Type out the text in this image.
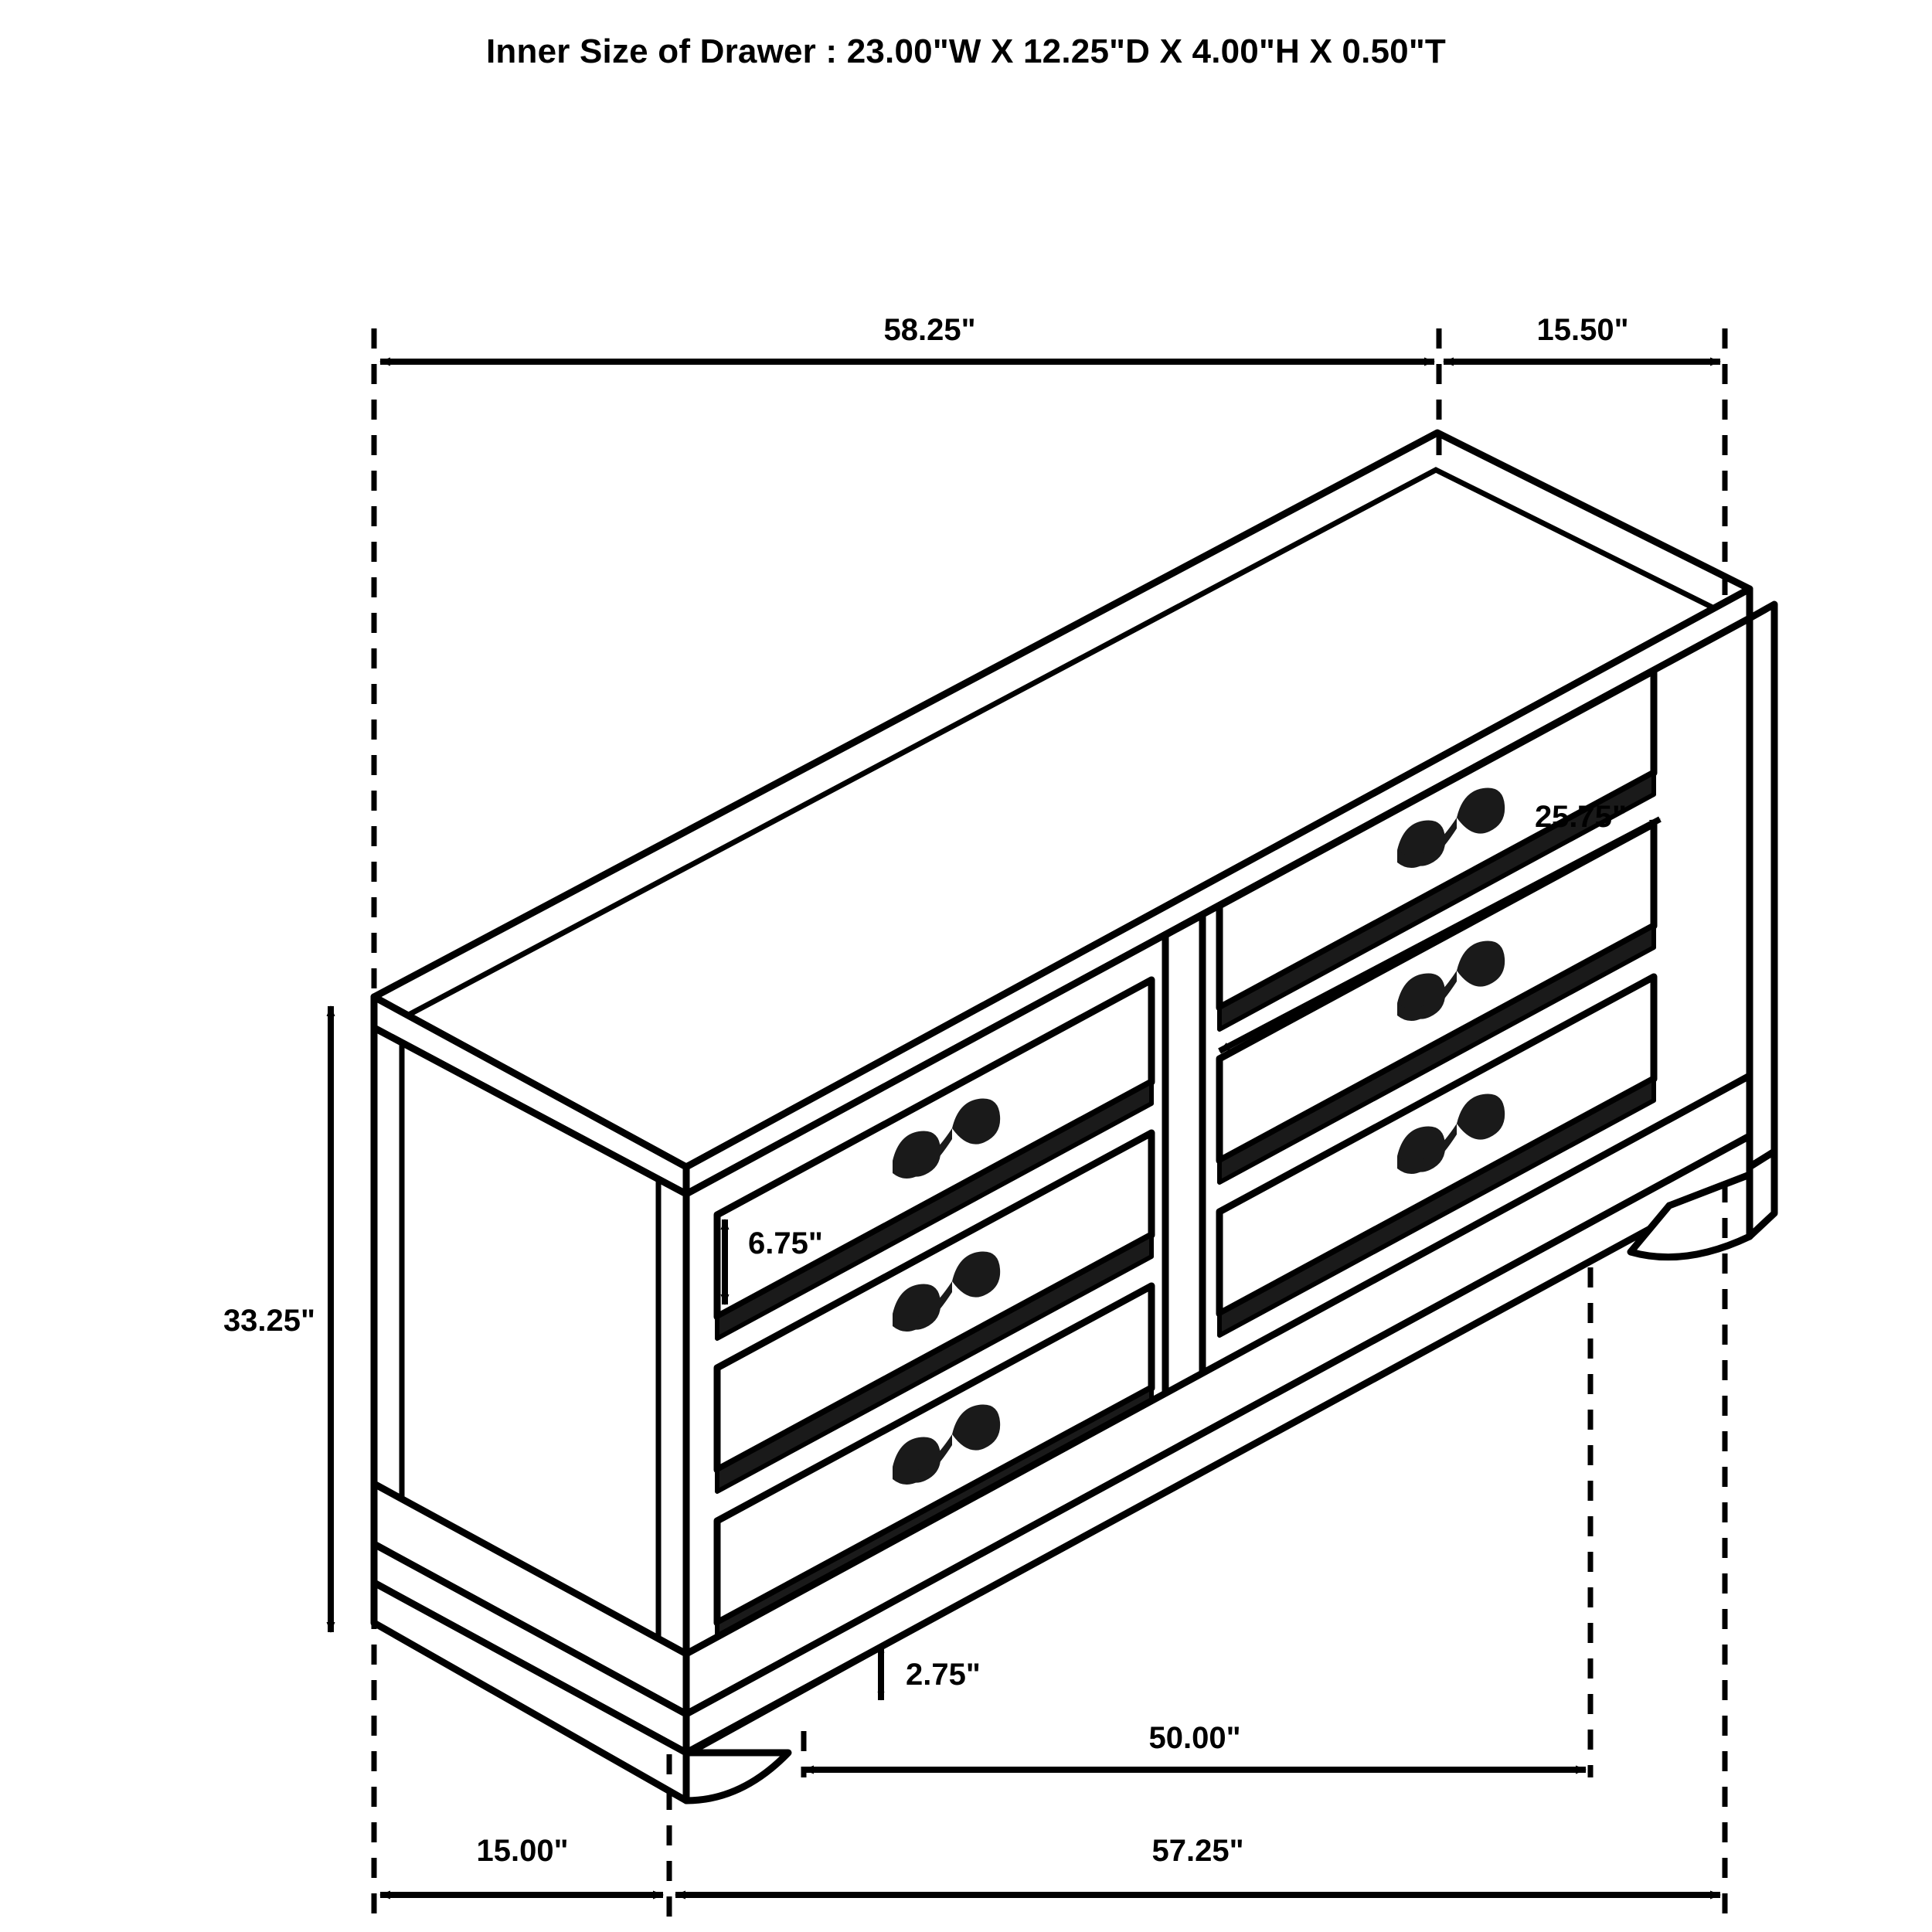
Inner Size of Drawer : 23.00"W X 12.25"D X 4.00"H X 0.50"T
58.25"	15.50"
25.75"
6.75"
33.25"
2.75"
50.00"
15.00"	57.25"
